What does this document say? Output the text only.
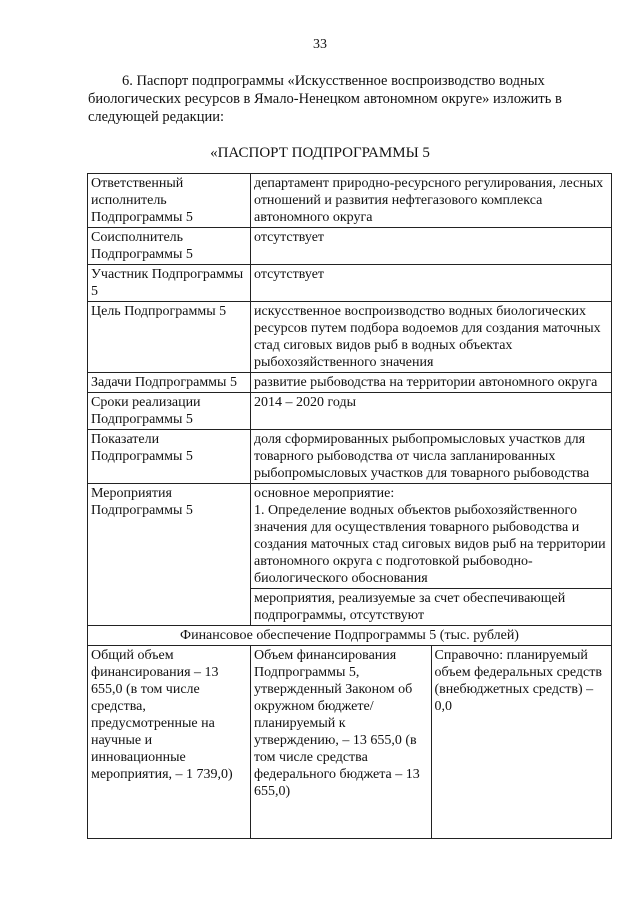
33
6. Паспорт подпрограммы «Искусственное воспроизводство водных
биологических ресурсов в Ямало-Ненецком автономном округе» изложить в
следующей редакции:
«ПАСПОРТ ПОДПРОГРАММЫ 5
Ответственный исполнитель Подпрограммы 5	департамент природно-ресурсного регулирования, лесных отношений и развития нефтегазового комплекса автономного округа	
Соисполнитель Подпрограммы 5	отсутствует	
Участник Подпрограммы 5	отсутствует	
Цель Подпрограммы 5	искусственное воспроизводство водных биологических ресурсов путем подбора водоемов для создания маточных стад сиговых видов рыб в водных объектах рыбохозяйственного значения	
Задачи Подпрограммы 5	развитие рыбоводства на территории автономного округа	
Сроки реализации Подпрограммы 5	2014 – 2020 годы	
Показатели Подпрограммы 5	доля сформированных рыбопромысловых участков для товарного рыбоводства от числа запланированных рыбопромысловых участков для товарного рыбоводства	
Мероприятия Подпрограммы 5	основное мероприятие:
1. Определение водных объектов рыбохозяйственного значения для осуществления товарного рыбоводства и создания маточных стад сиговых видов рыб на территории автономного округа с подготовкой рыбоводно-биологического обоснования	

	мероприятия, реализуемые за счет обеспечивающей подпрограммы, отсутствуют	
Финансовое обеспечение Подпрограммы 5 (тыс. рублей)		
Общий объем финансирования – 13 655,0 (в том числе средства, предусмотренные на научные и инновационные мероприятия, – 1 739,0)	Объем финансирования Подпрограммы 5, утвержденный Законом об окружном бюджете/ планируемый к утверждению, – 13 655,0 (в том числе средства федерального бюджета – 13 655,0)	Справочно: планируемый объем федеральных средств (внебюджетных средств) – 0,0
